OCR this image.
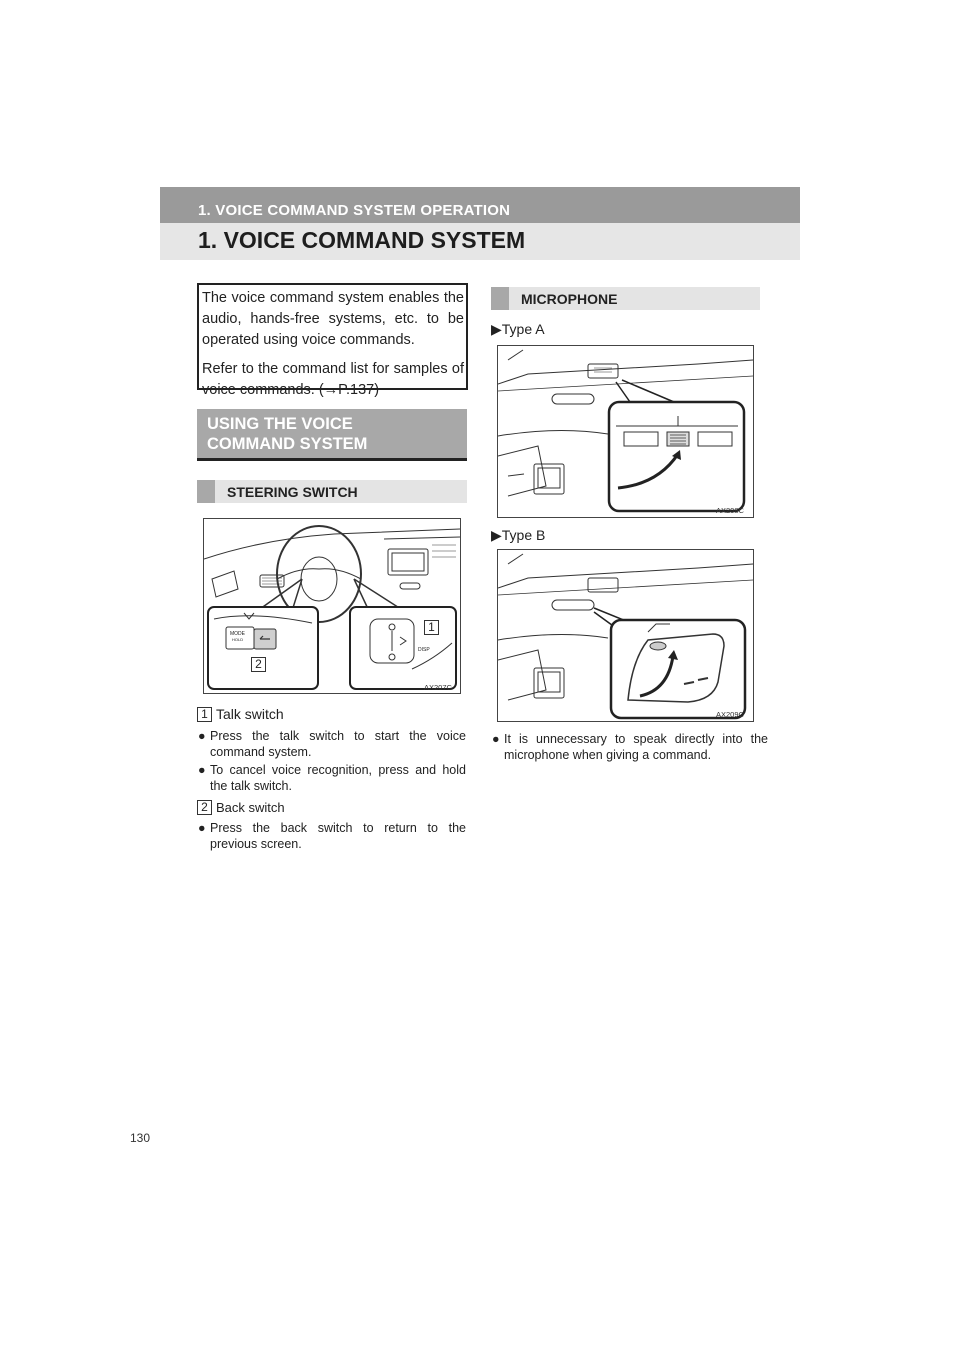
1. VOICE COMMAND SYSTEM OPERATION
1. VOICE COMMAND SYSTEM

The voice command system enables the audio, hands-free systems, etc. to be operated using voice commands.

Refer to the command list for samples of voice commands. (→P.137)

USING THE VOICE
COMMAND SYSTEM
STEERING SWITCH
MODE
HOLD
DISP
1
2
AX207C
1 Talk switch
● Press the talk switch to start the voice command system.
● To cancel voice recognition, press and hold the talk switch.
2 Back switch
● Press the back switch to return to the previous screen.
MICROPHONE
▶Type A
AX208C
▶Type B
AX209C
● It is unnecessary to speak directly into the microphone when giving a command.
130
